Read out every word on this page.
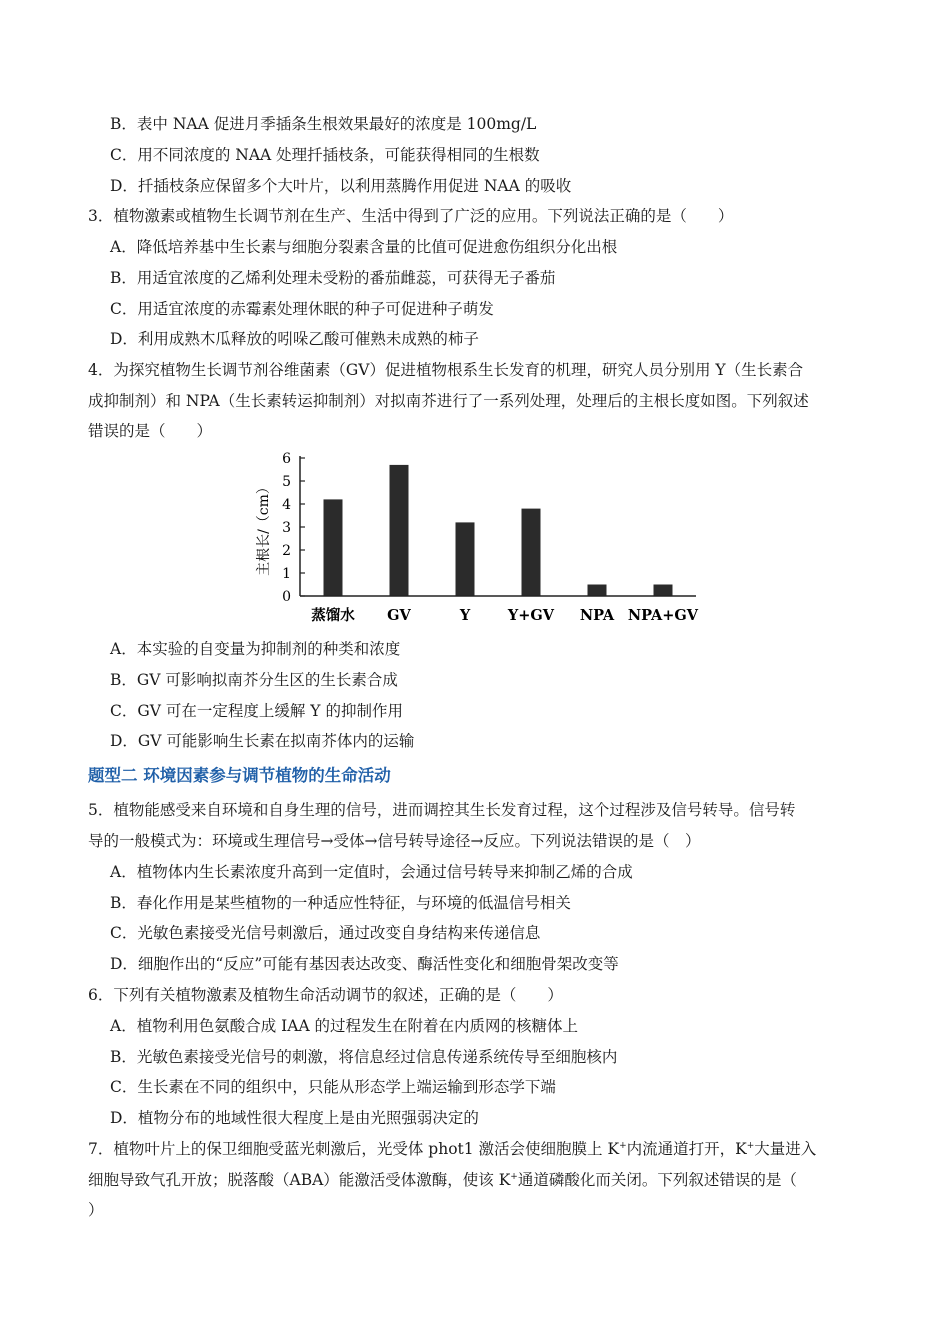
B．表中 NAA 促进月季插条生根效果最好的浓度是 100mg/L
C．用不同浓度的 NAA 处理扦插枝条，可能获得相同的生根数
D．扦插枝条应保留多个大叶片，以利用蒸腾作用促进 NAA 的吸收
3．植物激素或植物生长调节剂在生产、生活中得到了广泛的应用。下列说法正确的是（　　）
A．降低培养基中生长素与细胞分裂素含量的比值可促进愈伤组织分化出根
B．用适宜浓度的乙烯利处理未受粉的番茄雌蕊，可获得无子番茄
C．用适宜浓度的赤霉素处理休眠的种子可促进种子萌发
D．利用成熟木瓜释放的吲哚乙酸可催熟未成熟的柿子
4．为探究植物生长调节剂谷维菌素（GV）促进植物根系生长发育的机理，研究人员分别用 Y（生长素合
成抑制剂）和 NPA（生长素转运抑制剂）对拟南芥进行了一系列处理，处理后的主根长度如图。下列叙述
错误的是（　　）
主根长/（cm）
0
1
2
3
4
5
6
蒸馏水 GV	Y	Y+GV NPA NPA+GV
A．本实验的自变量为抑制剂的种类和浓度
B．GV 可影响拟南芥分生区的生长素合成
C．GV 可在一定程度上缓解 Y 的抑制作用
D．GV 可能影响生长素在拟南芥体内的运输
题型二 环境因素参与调节植物的生命活动
5．植物能感受来自环境和自身生理的信号，进而调控其生长发育过程，这个过程涉及信号转导。信号转
导的一般模式为：环境或生理信号→受体→信号转导途径→反应。下列说法错误的是（　）
A．植物体内生长素浓度升高到一定值时，会通过信号转导来抑制乙烯的合成
B．春化作用是某些植物的一种适应性特征，与环境的低温信号相关
C．光敏色素接受光信号刺激后，通过改变自身结构来传递信息
D．细胞作出的“反应”可能有基因表达改变、酶活性变化和细胞骨架改变等
6．下列有关植物激素及植物生命活动调节的叙述，正确的是（　　）
A．植物利用色氨酸合成 IAA 的过程发生在附着在内质网的核糖体上
B．光敏色素接受光信号的刺激，将信息经过信息传递系统传导至细胞核内
C．生长素在不同的组织中，只能从形态学上端运输到形态学下端
D．植物分布的地域性很大程度上是由光照强弱决定的
7．植物叶片上的保卫细胞受蓝光刺激后，光受体 phot1 激活会使细胞膜上 K+内流通道打开，K+大量进入
细胞导致气孔开放；脱落酸（ABA）能激活受体激酶，使该 K+通道磷酸化而关闭。下列叙述错误的是（
）
